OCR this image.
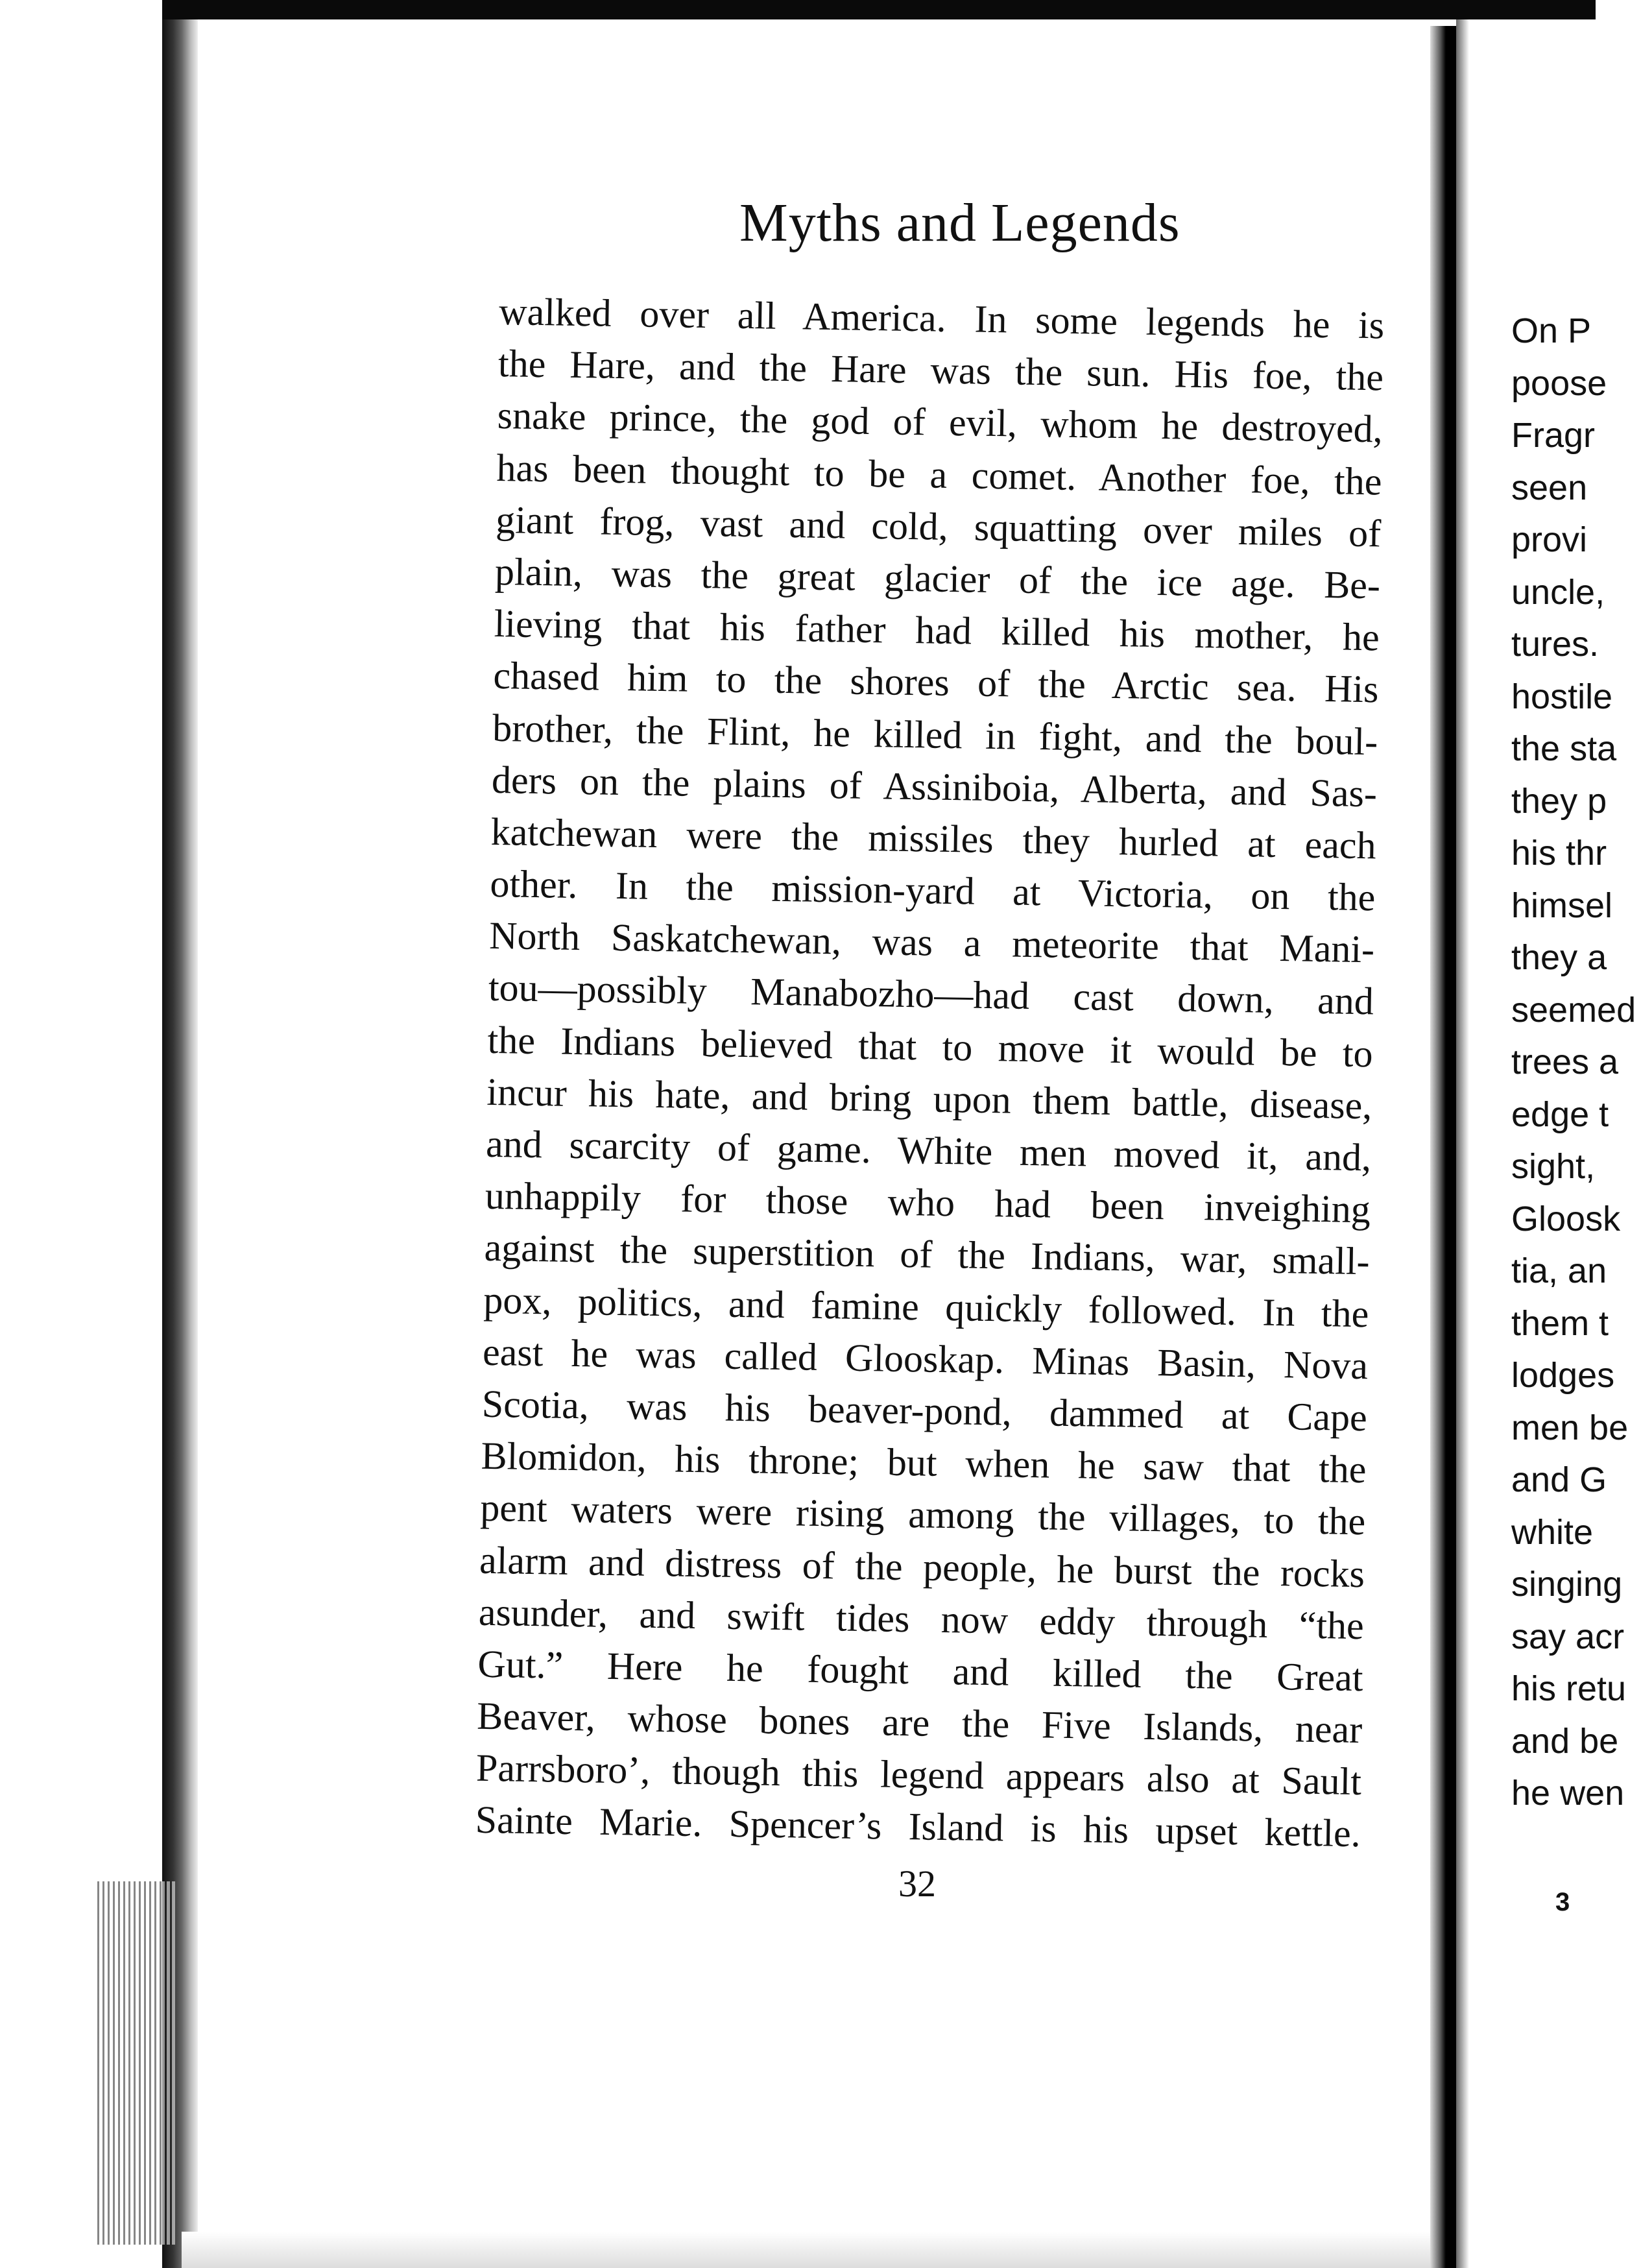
Myths and Legends
walked over all America. In some legends he is
the Hare, and the Hare was the sun. His foe, the
snake prince, the god of evil, whom he destroyed,
has been thought to be a comet. Another foe, the
giant frog, vast and cold, squatting over miles of
plain, was the great glacier of the ice age. Be-
lieving that his father had killed his mother, he
chased him to the shores of the Arctic sea. His
brother, the Flint, he killed in fight, and the boul-
ders on the plains of Assiniboia, Alberta, and Sas-
katchewan were the missiles they hurled at each
other. In the mission-yard at Victoria, on the
North Saskatchewan, was a meteorite that Mani-
tou—possibly Manabozho—had cast down, and
the Indians believed that to move it would be to
incur his hate, and bring upon them battle, disease,
and scarcity of game. White men moved it, and,
unhappily for those who had been inveighing
against the superstition of the Indians, war, small-
pox, politics, and famine quickly followed. In the
east he was called Glooskap. Minas Basin, Nova
Scotia, was his beaver-pond, dammed at Cape
Blomidon, his throne; but when he saw that the
pent waters were rising among the villages, to the
alarm and distress of the people, he burst the rocks
asunder, and swift tides now eddy through “the
Gut.” Here he fought and killed the Great
Beaver, whose bones are the Five Islands, near
Parrsboro’, though this legend appears also at Sault
Sainte Marie. Spencer’s Island is his upset kettle.
32
On P
poose
Fragr
seen
provi
uncle,
tures.
hostile
the sta
they p
his thr
himsel
they a
seemed
trees a
edge t
sight,
Gloosk
tia, an
them t
lodges
men be
and G
white
singing
say acr
his retu
and be
he wen
3
